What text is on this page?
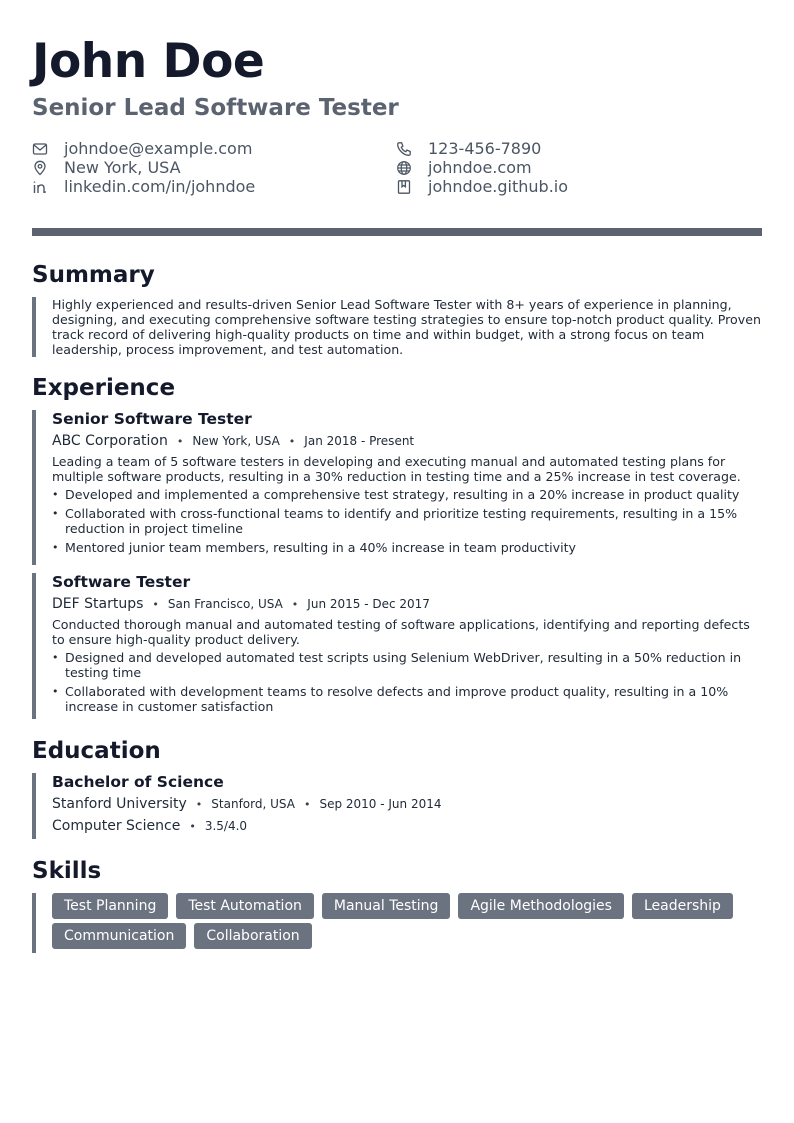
John Doe
Senior Lead Software Tester
johndoe@example.com	123-456-7890
New York, USA	johndoe.com
linkedin.com/in/johndoe	johndoe.github.io
Summary
Highly experienced and results-driven Senior Lead Software Tester with 8+ years of experience in planning, designing, and executing comprehensive software testing strategies to ensure top-notch product quality. Proven track record of delivering high-quality products on time and within budget, with a strong focus on team leadership, process improvement, and test automation.
Experience
Senior Software Tester
ABC Corporation • New York, USA • Jan 2018 - Present
Leading a team of 5 software testers in developing and executing manual and automated testing plans for multiple software products, resulting in a 30% reduction in testing time and a 25% increase in test coverage.
• Developed and implemented a comprehensive test strategy, resulting in a 20% increase in product quality
• Collaborated with cross-functional teams to identify and prioritize testing requirements, resulting in a 15% reduction in project timeline
• Mentored junior team members, resulting in a 40% increase in team productivity
Software Tester
DEF Startups • San Francisco, USA • Jun 2015 - Dec 2017
Conducted thorough manual and automated testing of software applications, identifying and reporting defects to ensure high-quality product delivery.
• Designed and developed automated test scripts using Selenium WebDriver, resulting in a 50% reduction in testing time
• Collaborated with development teams to resolve defects and improve product quality, resulting in a 10% increase in customer satisfaction
Education
Bachelor of Science
Stanford University • Stanford, USA • Sep 2010 - Jun 2014
Computer Science • 3.5/4.0
Skills
Test Planning	Test Automation	Manual Testing	Agile Methodologies	Leadership
Communication	Collaboration
